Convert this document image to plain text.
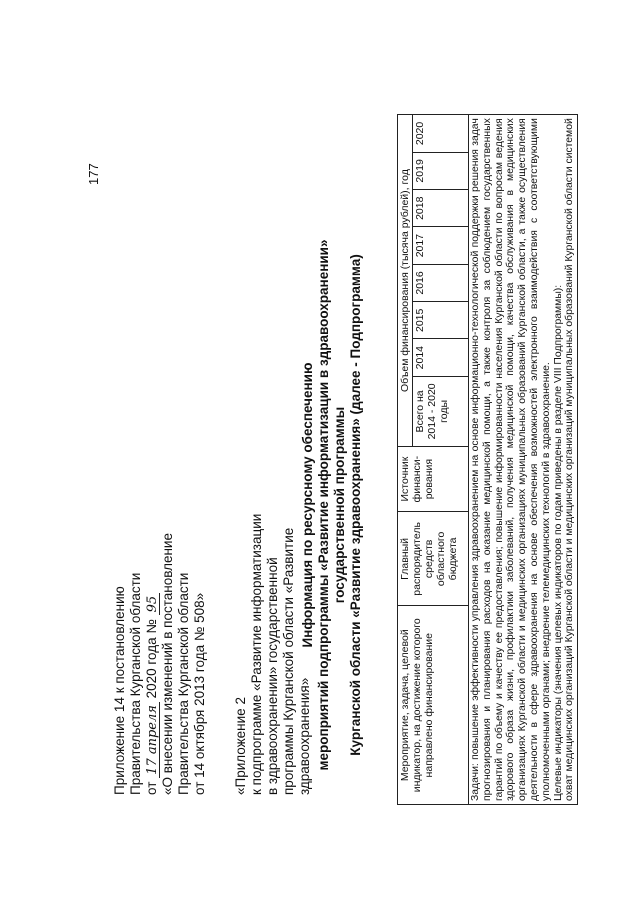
177
Приложение 14 к постановлению Правительства Курганской области от 17 апреля 2020 года № 95 «О внесении изменений в постановление Правительства Курганской области от 14 октября 2013 года № 508» «Приложение 2 к подпрограмме «Развитие информатизации в здравоохранении» государственной программы Курганской области «Развитие здравоохранения»
Информация по ресурсному обеспечению мероприятий подпрограммы «Развитие информатизации в здравоохранении» государственной программы Курганской области «Развитие здравоохранения» (далее - Подпрограмма)	Мероприятие, задача, целевой индикатор, на достижение которого направлено финансирование	Главный распорядитель средств областного бюджета	Источник финанси-рования	Объем финансирования (тысяча рублей), год								
			Всего на 2014 - 2020 годы	2014	2015	2016	2017	2018	2019	2020	

Задачи: повышение эффективности управления здравоохранением на основе информационно-технологической поддержки решения задач прогнозирования и планирования расходов на оказание медицинской помощи, а также контроля за соблюдением государственных гарантий по объему и качеству ее предоставления; повышение информированности населения Курганской области по вопросам ведения здорового образа жизни, профилактики заболеваний, получения медицинской помощи, качества обслуживания в медицинских организациях Курганской области и медицинских организациях муниципальных образований Курганской области, а также осуществления деятельности в сфере здравоохранения на основе обеспечения возможностей электронного взаимодействия с соответствующими уполномоченными органами; внедрение телемедицинских технологий в здравоохранение. Целевые индикаторы (значения целевых индикаторов по годам приведены в разделе VIII Подпрограммы): охват медицинских организаций Курганской области и медицинских организаций муниципальных образований Курганской области системой											
